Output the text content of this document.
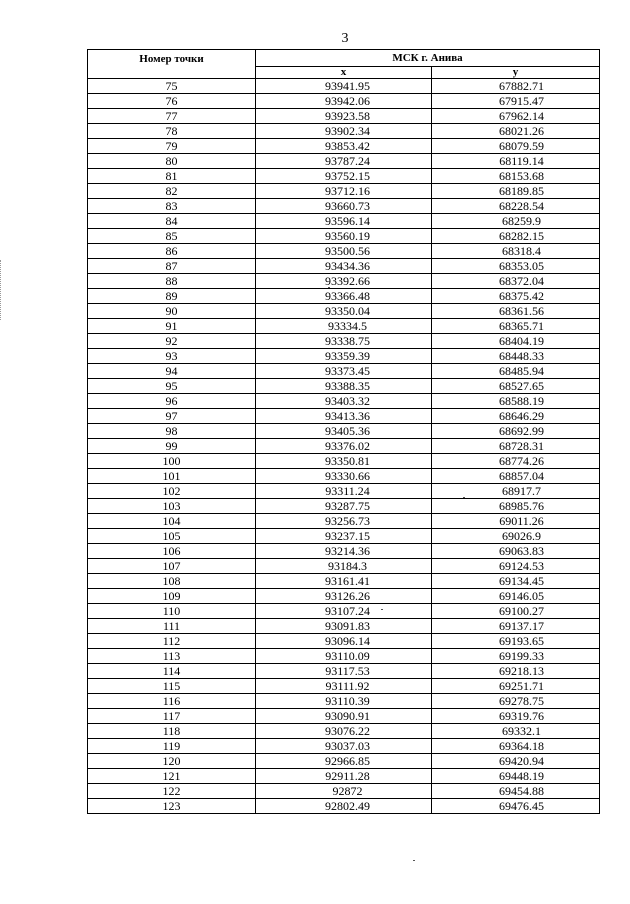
3
Номер точки	МСК г. Анива	
	x	y
75	93941.95	67882.71
76	93942.06	67915.47
77	93923.58	67962.14
78	93902.34	68021.26
79	93853.42	68079.59
80	93787.24	68119.14
81	93752.15	68153.68
82	93712.16	68189.85
83	93660.73	68228.54
84	93596.14	68259.9
85	93560.19	68282.15
86	93500.56	68318.4
87	93434.36	68353.05
88	93392.66	68372.04
89	93366.48	68375.42
90	93350.04	68361.56
91	93334.5	68365.71
92	93338.75	68404.19
93	93359.39	68448.33
94	93373.45	68485.94
95	93388.35	68527.65
96	93403.32	68588.19
97	93413.36	68646.29
98	93405.36	68692.99
99	93376.02	68728.31
100	93350.81	68774.26
101	93330.66	68857.04
102	93311.24	68917.7
103	93287.75	68985.76
104	93256.73	69011.26
105	93237.15	69026.9
106	93214.36	69063.83
107	93184.3	69124.53
108	93161.41	69134.45
109	93126.26	69146.05
110	93107.24	69100.27
111	93091.83	69137.17
112	93096.14	69193.65
113	93110.09	69199.33
114	93117.53	69218.13
115	93111.92	69251.71
116	93110.39	69278.75
117	93090.91	69319.76
118	93076.22	69332.1
119	93037.03	69364.18
120	92966.85	69420.94
121	92911.28	69448.19
122	92872	69454.88
123	92802.49	69476.45
